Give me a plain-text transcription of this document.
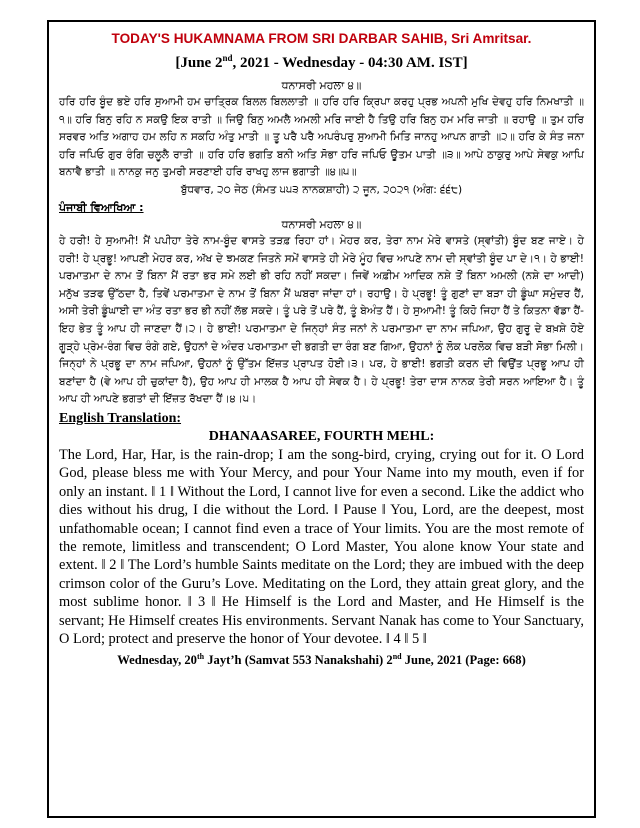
TODAY'S HUKAMNAMA FROM SRI DARBAR SAHIB, Sri Amritsar.
[June 2nd, 2021 - Wednesday - 04:30 AM. IST]
ਧਨਾਸਰੀ ਮਹਲਾ ੪॥

ਹਰਿ ਹਰਿ ਬੂੰਦ ਭਏ ਹਰਿ ਸੁਆਮੀ ਹਮ ਚਾਤ੍ਰਿਕ ਬਿਲਲ ਬਿਲਲਾਤੀ ॥ ਹਰਿ ਹਰਿ ਕ੍ਰਿਪਾ ਕਰਹੁ ਪ੍ਰਭ ਅਪਨੀ ਮੁਖਿ ਦੇਵਹੁ ਹਰਿ ਨਿਮਖਾਤੀ ॥੧॥ ਹਰਿ ਬਿਨੁ ਰਹਿ ਨ ਸਕਉ ਇਕ ਰਾਤੀ ॥ ਜਿਉ ਬਿਨੁ ਅਮਲੈ ਅਮਲੀ ਮਰਿ ਜਾਈ ਹੈ ਤਿਉ ਹਰਿ ਬਿਨੁ ਹਮ ਮਰਿ ਜਾਤੀ ॥ ਰਹਾਉ ॥ ਤੁਮ ਹਰਿ ਸਰਵਰ ਅਤਿ ਅਗਾਹ ਹਮ ਲਹਿ ਨ ਸਕਹਿ ਅੰਤੁ ਮਾਤੀ ॥ ਤੂ ਪਰੈ ਪਰੈ ਅਪਰੰਪਰੁ ਸੁਆਮੀ ਮਿਤਿ ਜਾਨਹੁ ਆਪਨ ਗਾਤੀ ॥੨॥ ਹਰਿ ਕੇ ਸੰਤ ਜਨਾ ਹਰਿ ਜਪਿਓ ਗੁਰ ਰੰਗਿ ਚਲੂਲੈ ਰਾਤੀ ॥ ਹਰਿ ਹਰਿ ਭਗਤਿ ਬਨੀ ਅਤਿ ਸੋਭਾ ਹਰਿ ਜਪਿਓ ਊਤਮ ਪਾਤੀ ॥੩॥ ਆਪੇ ਠਾਕੁਰੁ ਆਪੇ ਸੇਵਕੁ ਆਪਿ ਬਨਾਵੈ ਭਾਤੀ ॥ ਨਾਨਕੁ ਜਨੁ ਤੁਮਰੀ ਸਰਣਾਈ ਹਰਿ ਰਾਖਹੁ ਲਾਜ ਭਗਾਤੀ ॥੪॥੫॥

ਬੁੱਧਵਾਰ, ੨੦ ਜੇਠ (ਸੰਮਤ ੫੫੩ ਨਾਨਕਸ਼ਾਹੀ) ੨ ਜੂਨ, ੨੦੨੧ (ਅੰਗ: ੬੬੮)
ਪੰਜਾਬੀ ਵਿਆਖਿਆ :
ਧਨਾਸਰੀ ਮਹਲਾ ੪॥

ਹੇ ਹਰੀ! ਹੇ ਸੁਆਮੀ! ਮੈਂ ਪਪੀਹਾ ਤੇਰੇ ਨਾਮ-ਬੂੰਦ ਵਾਸਤੇ ਤੜਫ਼ ਰਿਹਾ ਹਾਂ। ਮੇਹਰ ਕਰ, ਤੇਰਾ ਨਾਮ ਮੇਰੇ ਵਾਸਤੇ (ਸ੍ਵਾਂਤੀ) ਬੂੰਦ ਬਣ ਜਾਏ। ਹੇ ਹਰੀ! ਹੇ ਪ੍ਰਭੂ! ਆਪਣੀ ਮੇਹਰ ਕਰ, ਅੱਖ ਦੇ ਝਮਕਣ ਜਿਤਨੇ ਸਮੇਂ ਵਾਸਤੇ ਹੀ ਮੇਰੇ ਮੂੰਹ ਵਿਚ ਆਪਣੇ ਨਾਮ ਦੀ ਸ੍ਵਾਂਤੀ ਬੂੰਦ ਪਾ ਦੇ।੧। ਹੇ ਭਾਈ! ਪਰਮਾਤਮਾ ਦੇ ਨਾਮ ਤੋਂ ਬਿਨਾ ਮੈਂ ਰਤਾ ਭਰ ਸਮੇ ਲਈ ਭੀ ਰਹਿ ਨਹੀਂ ਸਕਦਾ। ਜਿਵੇਂ ਅਫ਼ੀਮ ਆਦਿਕ ਨਸ਼ੇ ਤੋਂ ਬਿਨਾ ਅਮਲੀ (ਨਸ਼ੇ ਦਾ ਆਦੀ) ਮਨੁੱਖ ਤੜਫ ਉੱਠਦਾ ਹੈ, ਤਿਵੇਂ ਪਰਮਾਤਮਾ ਦੇ ਨਾਮ ਤੋਂ ਬਿਨਾ ਮੈਂ ਘਬਰਾ ਜਾਂਦਾ ਹਾਂ। ਰਹਾਉ। ਹੇ ਪ੍ਰਭੂ! ਤੂੰ ਗੁਣਾਂ ਦਾ ਬੜਾ ਹੀ ਡੂੰਘਾ ਸਮੁੰਦਰ ਹੈਂ, ਅਸੀ ਤੇਰੀ ਡੂੰਘਾਈ ਦਾ ਅੰਤ ਰਤਾ ਭਰ ਭੀ ਨਹੀਂ ਲੱਭ ਸਕਦੇ। ਤੂੰ ਪਰੇ ਤੋਂ ਪਰੇ ਹੈਂ, ਤੂੰ ਬੇਅੰਤ ਹੈਂ। ਹੇ ਸੁਆਮੀ! ਤੂੰ ਕਿਹੋ ਜਿਹਾ ਹੈਂ ਤੇ ਕਿਤਨਾ ਵੱਡਾ ਹੈਂ-ਇਹ ਭੇਤ ਤੂੰ ਆਪ ਹੀ ਜਾਣਦਾ ਹੈਂ।੨। ਹੇ ਭਾਈ! ਪਰਮਾਤਮਾ ਦੇ ਜਿਨ੍ਹਾਂ ਸੰਤ ਜਨਾਂ ਨੇ ਪਰਮਾਤਮਾ ਦਾ ਨਾਮ ਜਪਿਆ, ਉਹ ਗੁਰੂ ਦੇ ਬਖ਼ਸ਼ੇ ਹੋਏ ਗੂੜ੍ਹੇ ਪ੍ਰੇਮ-ਰੰਗ ਵਿਚ ਰੰਗੇ ਗਏ, ਉਹਨਾਂ ਦੇ ਅੰਦਰ ਪਰਮਾਤਮਾ ਦੀ ਭਗਤੀ ਦਾ ਰੰਗ ਬਣ ਗਿਆ, ਉਹਨਾਂ ਨੂੰ ਲੋਕ ਪਰਲੋਕ ਵਿਚ ਬੜੀ ਸੋਭਾ ਮਿਲੀ। ਜਿਨ੍ਹਾਂ ਨੇ ਪ੍ਰਭੂ ਦਾ ਨਾਮ ਜਪਿਆ, ਉਹਨਾਂ ਨੂੰ ਉੱਤਮ ਇੱਜ਼ਤ ਪ੍ਰਾਪਤ ਹੋਈ।੩। ਪਰ, ਹੇ ਭਾਈ! ਭਗਤੀ ਕਰਨ ਦੀ ਵਿਉਂਤ ਪ੍ਰਭੂ ਆਪ ਹੀ ਬਣਾਂਦਾ ਹੈ (ਵੇ ਆਪ ਹੀ ਚੁਕਾਂਦਾ ਹੈ), ਉਹ ਆਪ ਹੀ ਮਾਲਕ ਹੈ ਆਪ ਹੀ ਸੇਵਕ ਹੈ। ਹੇ ਪ੍ਰਭੂ! ਤੇਰਾ ਦਾਸ ਨਾਨਕ ਤੇਰੀ ਸਰਨ ਆਇਆ ਹੈ। ਤੂੰ ਆਪ ਹੀ ਆਪਣੇ ਭਗਤਾਂ ਦੀ ਇੱਜ਼ਤ ਰੱਖਦਾ ਹੈਂ।੪।੫।

English Translation:
DHANAASAREE, FOURTH MEHL:

The Lord, Har, Har, is the rain-drop; I am the song-bird, crying, crying out for it. O Lord God, please bless me with Your Mercy, and pour Your Name into my mouth, even if for only an instant. ‖ 1 ‖ Without the Lord, I cannot live for even a second. Like the addict who dies without his drug, I die without the Lord. ‖ Pause ‖ You, Lord, are the deepest, most unfathomable ocean; I cannot find even a trace of Your limits. You are the most remote of the remote, limitless and transcendent; O Lord Master, You alone know Your state and extent. ‖ 2 ‖ The Lord’s humble Saints meditate on the Lord; they are imbued with the deep crimson color of the Guru’s Love. Meditating on the Lord, they attain great glory, and the most sublime honor. ‖ 3 ‖ He Himself is the Lord and Master, and He Himself is the servant; He Himself creates His environments. Servant Nanak has come to Your Sanctuary, O Lord; protect and preserve the honor of Your devotee. ‖ 4 ‖ 5 ‖

Wednesday, 20th Jayt’h (Samvat 553 Nanakshahi) 2nd June, 2021 (Page: 668)
